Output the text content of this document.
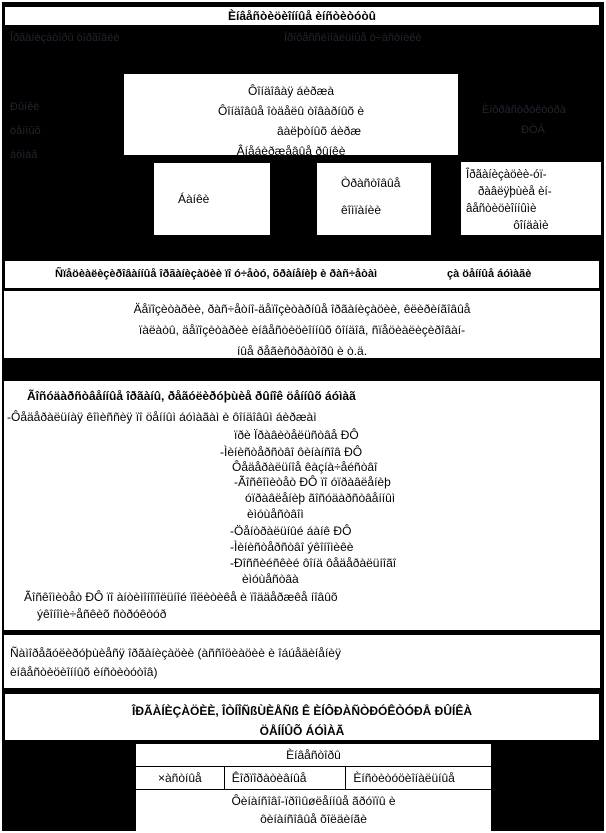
Èíâåñòèöèîííûå èíñòèòóòû
Îðãàíèçàòîðû òîðãîâëè	Ïðîôåññèîíàëüíûå ó÷àñòíèêè
Ôîíäîâàÿ áèðæà
Ôîíäîâûå îòäåëû òîâàðíûõ è
âàëþòíûõ áèðæ
Âíåáèðæåâûå ðûíêè
Ðûíêè
öåííûõ
áóìàã
Èíôðàñòðóêòóðà
ÐÖÁ
Áàíêè
Òðàñòîâûå
êîìïàíèè
Îðãàíèçàöèè-óï-
ðàâëÿþùèå èí-
âåñòèöèîííûìè
ôîíäàìè
Ñïåöèàëèçèðîâàííûå îðãàíèçàöèè ïî ó÷åòó, õðàíåíèþ è ðàñ÷åòàì	çà öåííûå áóìàãè
Äåïîçèòàðèè, ðàñ÷åòíî-äåïîçèòàðíûå îðãàíèçàöèè, êëèðèíãîâûå
ïàëàòû, äåïîçèòàðèè èíâåñòèöèîííûõ ôîíäîâ, ñïåöèàëèçèðîâàí-
íûå ðåãèñòðàòîðû è ò.ä.
Ãîñóäàðñòâåííûå îðãàíû, ðåãóëèðóþùèå ðûíîê öåííûõ áóìàã
-Ôåäåðàëüíàÿ êîìèññèÿ ïî öåííûì áóìàãàì è ôîíäîâûì áèðæàì
ïðè Ïðàâèòåëüñòâå ÐÔ
-Ìèíèñòåðñòâî ôèíàíñîâ ÐÔ
Ôåäåðàëüíîå êàçíà÷åéñòâî
-Ãîñêîìèòåò ÐÔ ïî óïðàâëåíèþ
óïðàâëåíèþ ãîñóäàðñòâåííûì
èìóùåñòâîì
-Öåíòðàëüíûé áàíê ÐÔ
-Ìèíèñòåðñòâî ýêîíîìèêè
-Ðîññèéñêèé ôîíä ôåäåðàëüíîãî
èìóùåñòâà
Ãîñêîìèòåò ÐÔ ïî àíòèìîíîïîëüíîé ïîëèòèêå è ïîääåðæêå íîâûõ
ýêîíîìè÷åñêèõ ñòðóêòóð
Ñàìîðåãóëèðóþùèåñÿ îðãàíèçàöèè (àññîöèàöèè è îáúåäèíåíèÿ
èíâåñòèöèîííûõ èíñòèòóòîâ)
ÎÐÃÀÍÈÇÀÖÈÈ, ÎÒÍÎÑßÙÈÅÑß Ê ÈÍÔÐÀÑÒÐÓÊÒÓÐÅ ÐÛÍÊÀ
ÖÅÍÍÛÕ ÁÓÌÀÃ
Èíâåñòîðû
×àñòíûå	Êîðïîðàòèâíûå	Èíñòèòóöèîíàëüíûå
Ôèíàíñîâî-ïðîìûøëåííûå ãðóïïû è
ôèíàíñîâûå õîëäèíãè
